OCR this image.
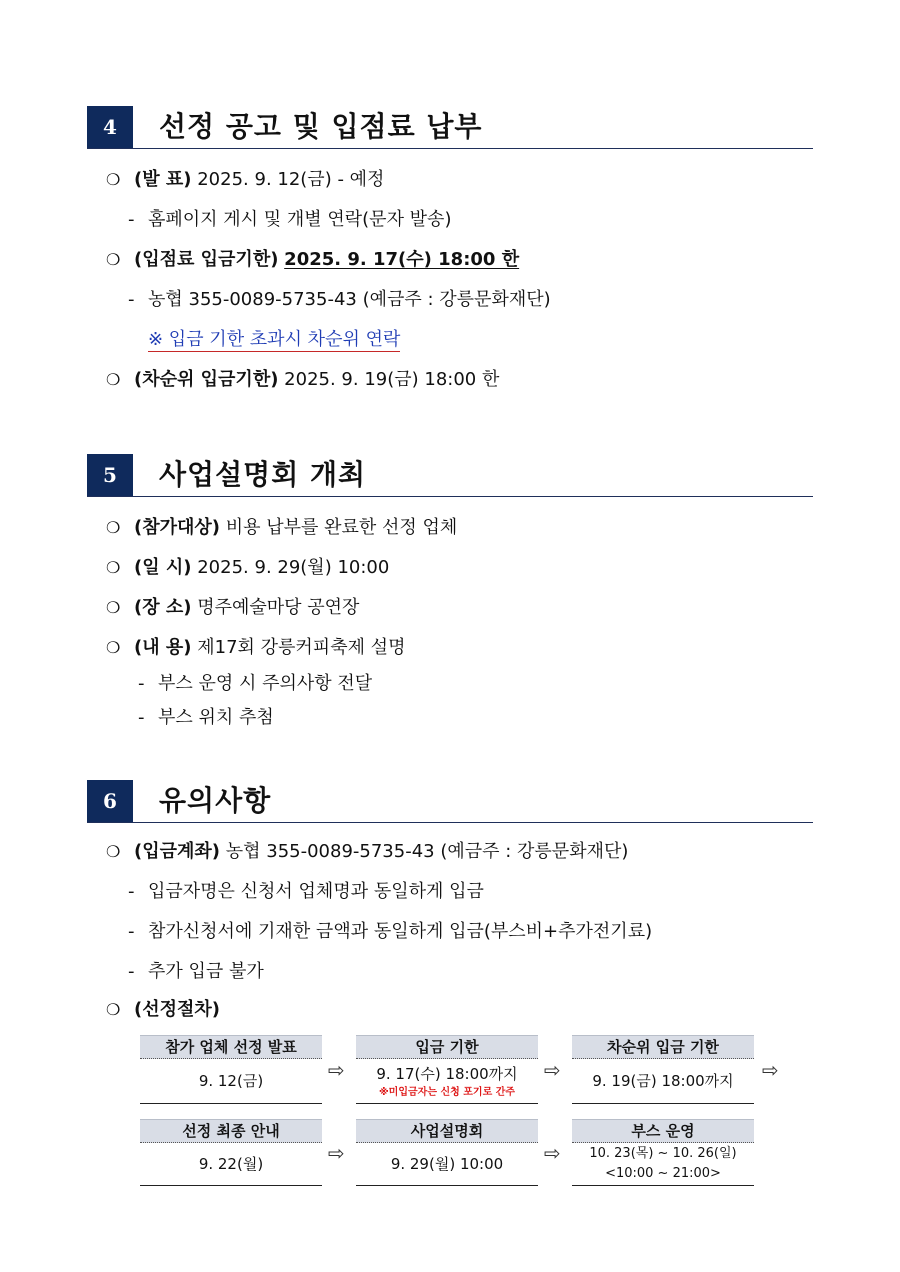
4	선정 공고 및 입점료 납부
❍ (발 표) 2025. 9. 12(금) - 예정
- 홈페이지 게시 및 개별 연락(문자 발송)
❍ (입점료 입금기한) 2025. 9. 17(수) 18:00 한
- 농협 355-0089-5735-43 (예금주 : 강릉문화재단)
※ 입금 기한 초과시 차순위 연락
❍ (차순위 입금기한) 2025. 9. 19(금) 18:00 한
5	사업설명회 개최
❍ (참가대상) 비용 납부를 완료한 선정 업체
❍ (일 시) 2025. 9. 29(월) 10:00
❍ (장 소) 명주예술마당 공연장
❍ (내 용) 제17회 강릉커피축제 설명
- 부스 운영 시 주의사항 전달
- 부스 위치 추첨
6	유의사항
❍ (입금계좌) 농협 355-0089-5735-43 (예금주 : 강릉문화재단)
- 입금자명은 신청서 업체명과 동일하게 입금
- 참가신청서에 기재한 금액과 동일하게 입금(부스비+추가전기료)
- 추가 입금 불가
❍ (선정절차)
참가 업체 선정 발표
9. 12(금)	⇨
입금 기한
9. 17(수) 18:00까지
※미입금자는 신청 포기로 간주
⇨
차순위 입금 기한
9. 19(금) 18:00까지	⇨
선정 최종 안내
9. 22(월)	⇨
사업설명회
9. 29(월) 10:00	⇨
부스 운영
10. 23(목) ~ 10. 26(일)
<10:00 ~ 21:00>
